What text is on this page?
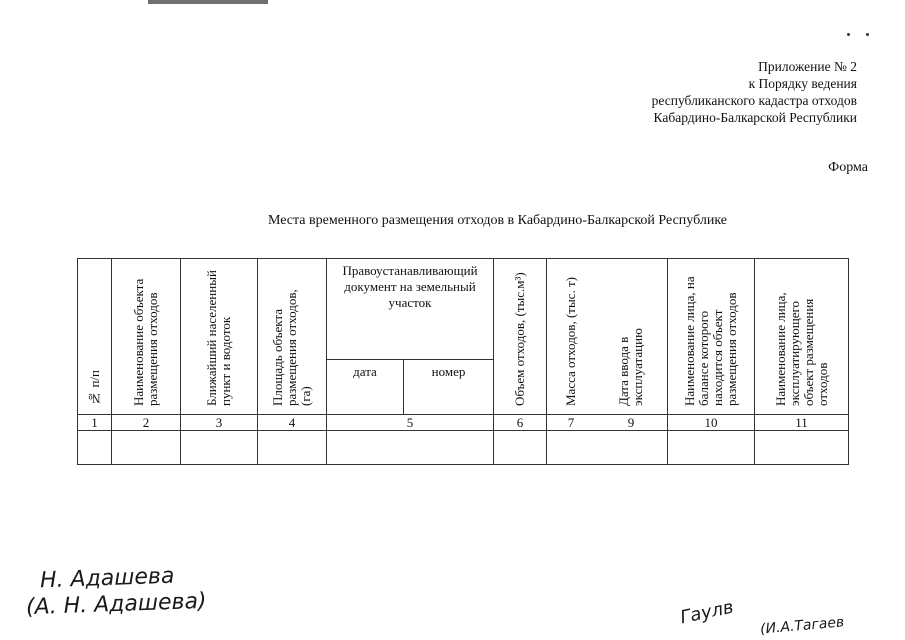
Приложение № 2
к Порядку ведения
республиканского кадастра отходов
Кабардино-Балкарской Республики
Форма
Места временного размещения отходов в Кабардино-Балкарской Республике
№ п/п	Наименование объекта размещения отходов	Ближайший населенный пункт и водоток	Площадь объекта размещения отходов, (га)	Правоустанавливающий документ на земельный участок		Объем отходов, (тыс.м³)	Масса отходов, (тыс. т)	Дата ввода в эксплуатацию	Наименование лица, на балансе которого находится объект размещения отходов	Наименование лица, эксплуатирующего объект размещения отходов
				дата	номер					
1	2	3	4	5		6	7	9	10	11

Н. Адашева
(А. Н. Адашева)	Гаулв (И.А.Тагаев
